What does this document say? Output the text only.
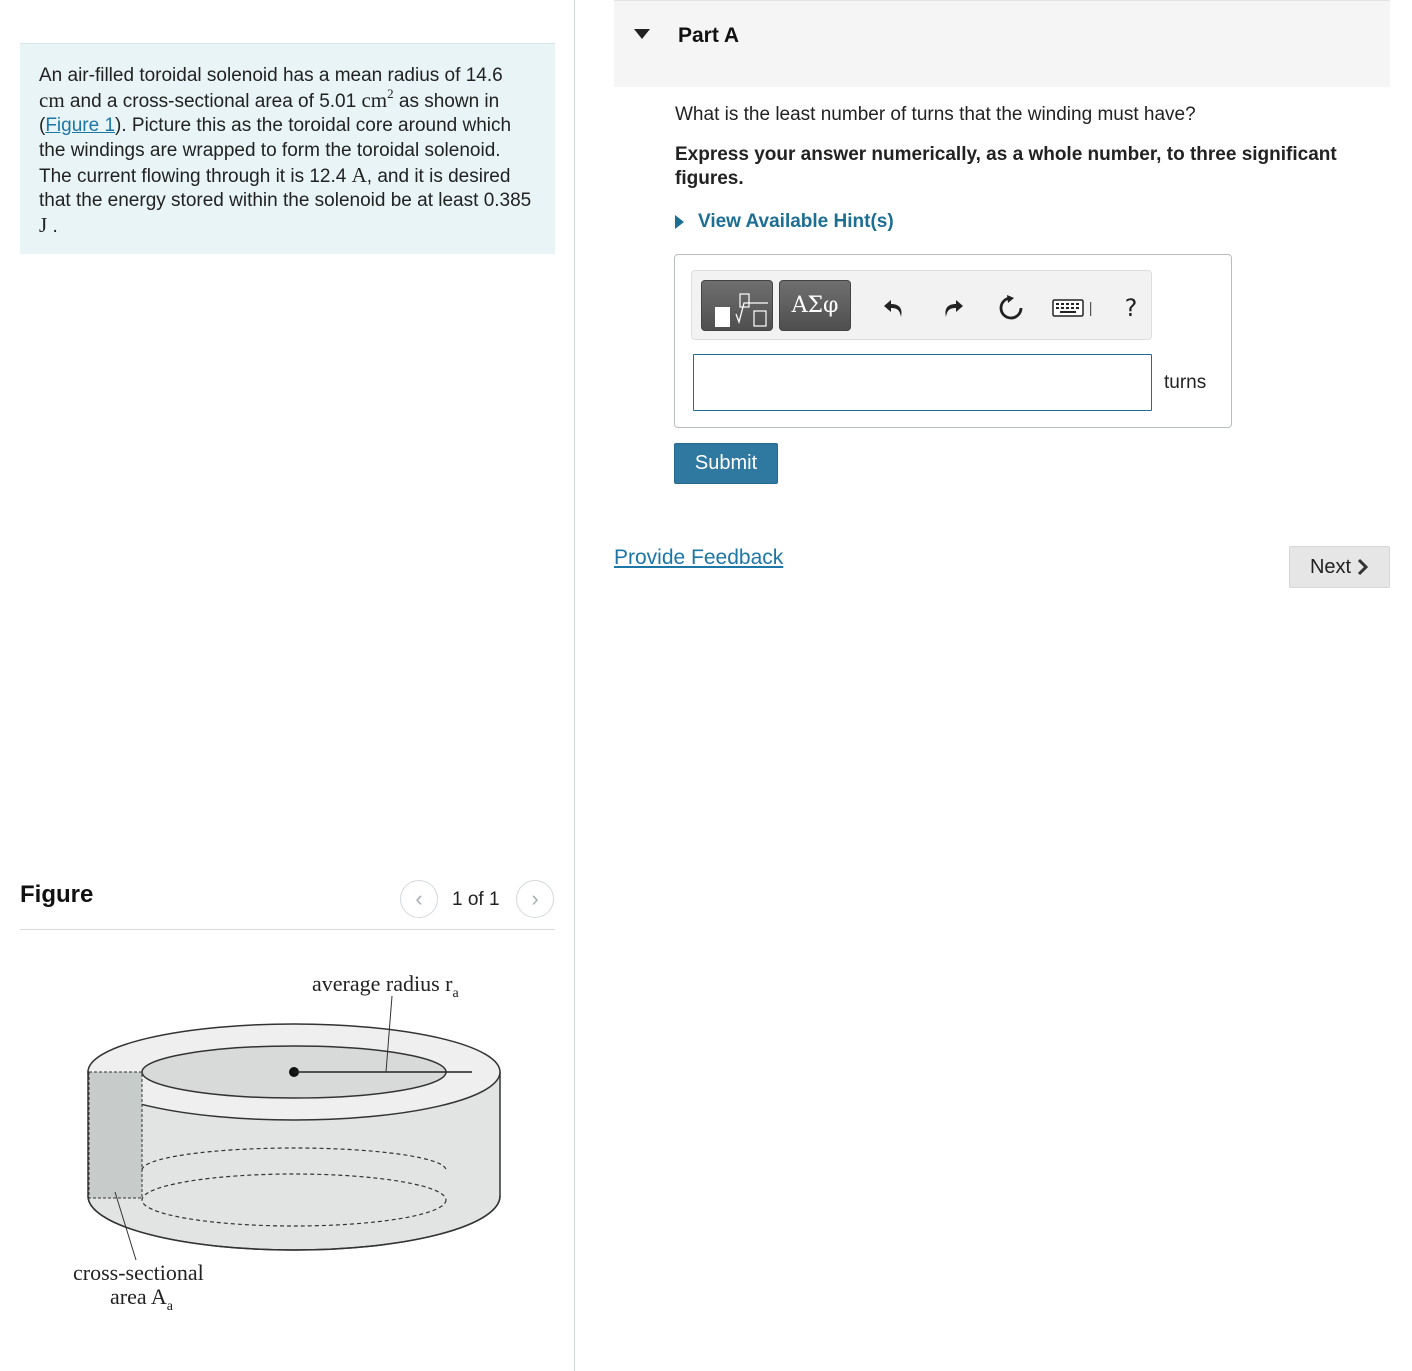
An air-filled toroidal solenoid has a mean radius of 14.6
cm and a cross-sectional area of 5.01 $cm^2$ as shown in (Figure 1). Picture this as the toroidal core around which the windings are wrapped to form the toroidal solenoid. The current flowing through it is 12.4 A, and it is desired that the energy stored within the solenoid be at least 0.385 J .
Figure	‹ 1 of 1 ›
average radius $r_a$
cross-sectional
area $A_a$
Part A
What is the least number of turns that the winding must have?
Express your answer numerically, as a whole number, to three significant figures.
View Available Hint(s)
ΑΣφ	?
turns
Submit
Provide Feedback	Next
